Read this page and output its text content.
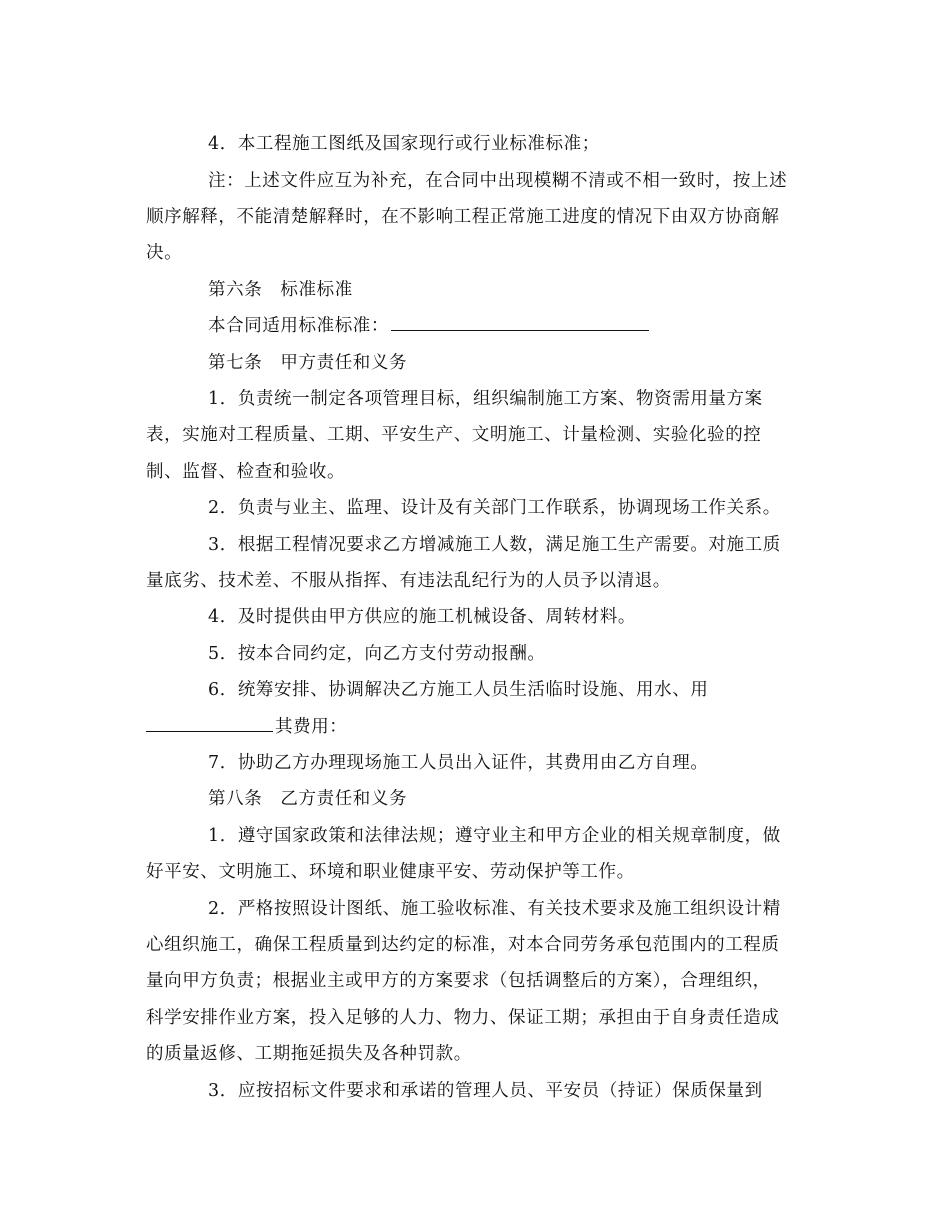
4．本工程施工图纸及国家现行或行业标准标准；
注：上述文件应互为补充，在合同中出现模糊不清或不相一致时，按上述
顺序解释，不能清楚解释时，在不影响工程正常施工进度的情况下由双方协商解
决。
第六条　标准标准
本合同适用标准标准：
第七条　甲方责任和义务
1．负责统一制定各项管理目标，组织编制施工方案、物资需用量方案
表，实施对工程质量、工期、平安生产、文明施工、计量检测、实验化验的控
制、监督、检查和验收。
2．负责与业主、监理、设计及有关部门工作联系，协调现场工作关系。
3．根据工程情况要求乙方增减施工人数，满足施工生产需要。对施工质
量底劣、技术差、不服从指挥、有违法乱纪行为的人员予以清退。
4．及时提供由甲方供应的施工机械设备、周转材料。
5．按本合同约定，向乙方支付劳动报酬。
6．统筹安排、协调解决乙方施工人员生活临时设施、用水、用
其费用：
7．协助乙方办理现场施工人员出入证件，其费用由乙方自理。
第八条　乙方责任和义务
1．遵守国家政策和法律法规；遵守业主和甲方企业的相关规章制度，做
好平安、文明施工、环境和职业健康平安、劳动保护等工作。
2．严格按照设计图纸、施工验收标准、有关技术要求及施工组织设计精
心组织施工，确保工程质量到达约定的标准，对本合同劳务承包范围内的工程质
量向甲方负责；根据业主或甲方的方案要求（包括调整后的方案），合理组织，
科学安排作业方案，投入足够的人力、物力、保证工期；承担由于自身责任造成
的质量返修、工期拖延损失及各种罚款。
3．应按招标文件要求和承诺的管理人员、平安员（持证）保质保量到
